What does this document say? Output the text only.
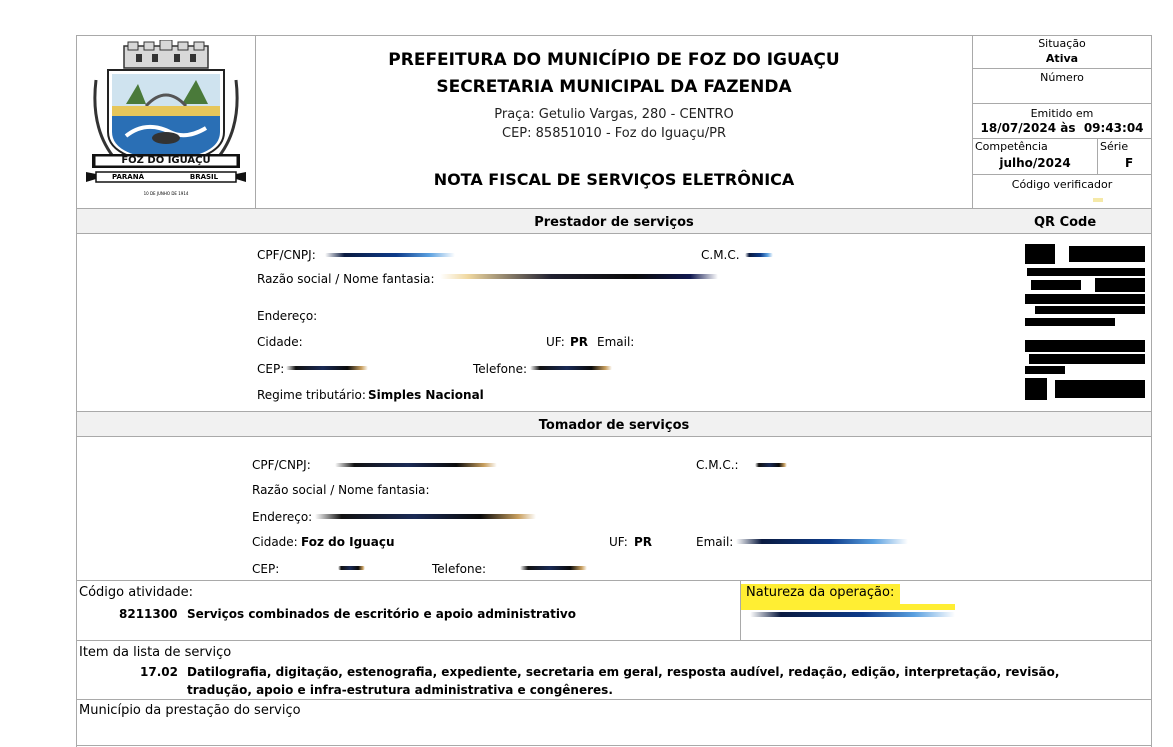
FOZ DO IGUAÇU
PARANÁ	BRASIL
10 DE JUNHO DE 1914
PREFEITURA DO MUNICÍPIO DE FOZ DO IGUAÇU
SECRETARIA MUNICIPAL DA FAZENDA
Praça: Getulio Vargas, 280 - CENTRO
CEP: 85851010 - Foz do Iguaçu/PR
NOTA FISCAL DE SERVIÇOS ELETRÔNICA
Situação
Ativa
Número
Emitido em
18/07/2024 às  09:43:04
Competência
julho/2024
Série
F
Código verificador
Prestador de serviços	QR Code
CPF/CNPJ:	C.M.C.
Razão social / Nome fantasia:
Endereço:
Cidade:	UF: PR Email:
CEP:	Telefone:
Regime tributário: Simples Nacional
Tomador de serviços
CPF/CNPJ:	C.M.C.:
Razão social / Nome fantasia:
Endereço:
Cidade: Foz do Iguaçu	UF: PR	Email:
CEP:	Telefone:
Código atividade:
8211300 Serviços combinados de escritório e apoio administrativo
Natureza da operação:
Item da lista de serviço
17.02 Datilografia, digitação, estenografia, expediente, secretaria em geral, resposta audível, redação, edição, interpretação, revisão,
tradução, apoio e infra-estrutura administrativa e congêneres.
Município da prestação do serviço
